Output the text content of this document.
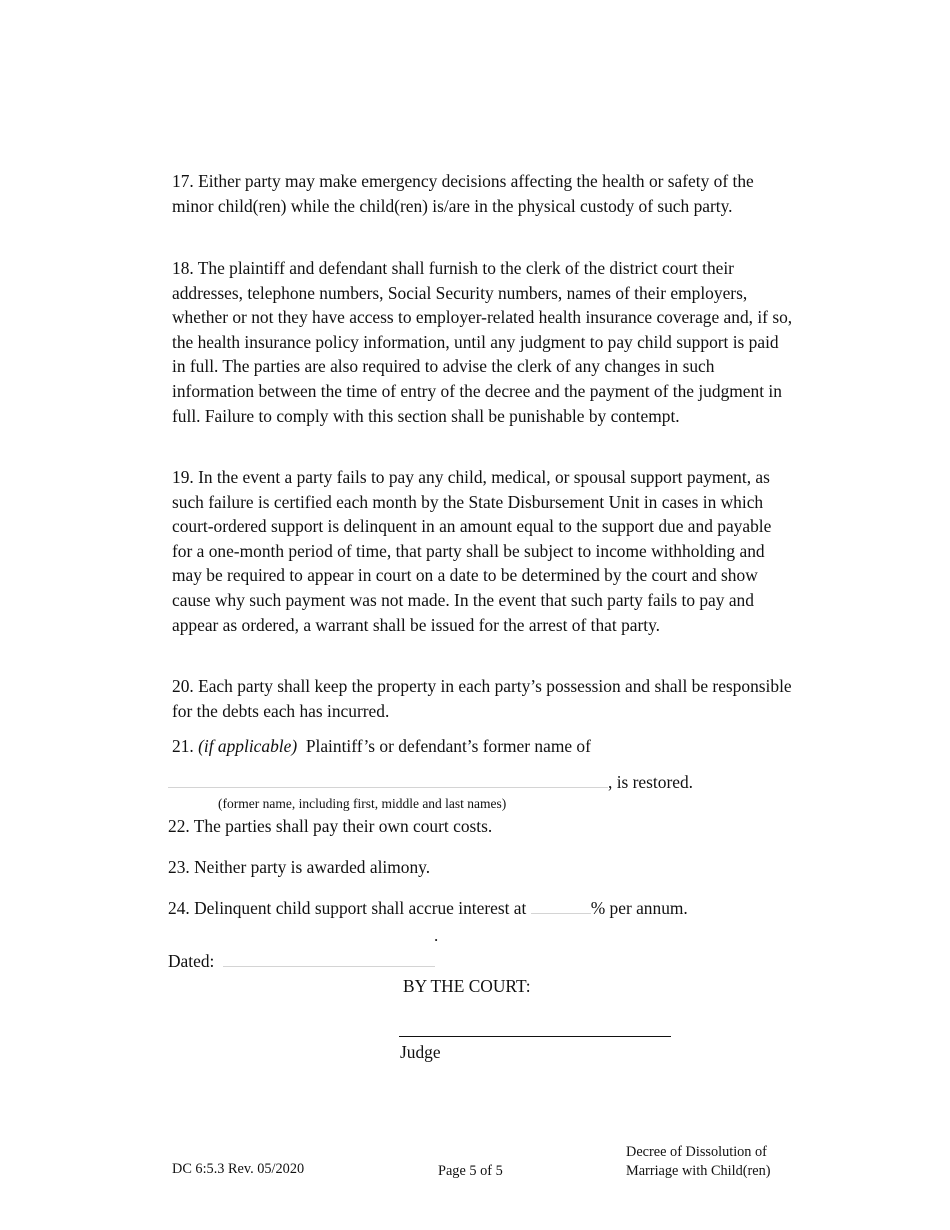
17. Either party may make emergency decisions affecting the health or safety of the minor child(ren) while the child(ren) is/are in the physical custody of such party.

18. The plaintiff and defendant shall furnish to the clerk of the district court their addresses, telephone numbers, Social Security numbers, names of their employers, whether or not they have access to employer-related health insurance coverage and, if so, the health insurance policy information, until any judgment to pay child support is paid in full. The parties are also required to advise the clerk of any changes in such information between the time of entry of the decree and the payment of the judgment in full. Failure to comply with this section shall be punishable by contempt.

19. In the event a party fails to pay any child, medical, or spousal support payment, as such failure is certified each month by the State Disbursement Unit in cases in which court-ordered support is delinquent in an amount equal to the support due and payable for a one-month period of time, that party shall be subject to income withholding and may be required to appear in court on a date to be determined by the court and show cause why such payment was not made. In the event that such party fails to pay and appear as ordered, a warrant shall be issued for the arrest of that party.

20. Each party shall keep the property in each party’s possession and shall be responsible for the debts each has incurred.

21. (if applicable) Plaintiff’s or defendant’s former name of

, is restored.
(former name, including first, middle and last names)

22. The parties shall pay their own court costs.

23. Neither party is awarded alimony.

24. Delinquent child support shall accrue interest at	% per annum.

.
Dated:
BY THE COURT:
Judge
DC 6:5.3 Rev. 05/2020	Page 5 of 5
Decree of Dissolution of
Marriage with Child(ren)
